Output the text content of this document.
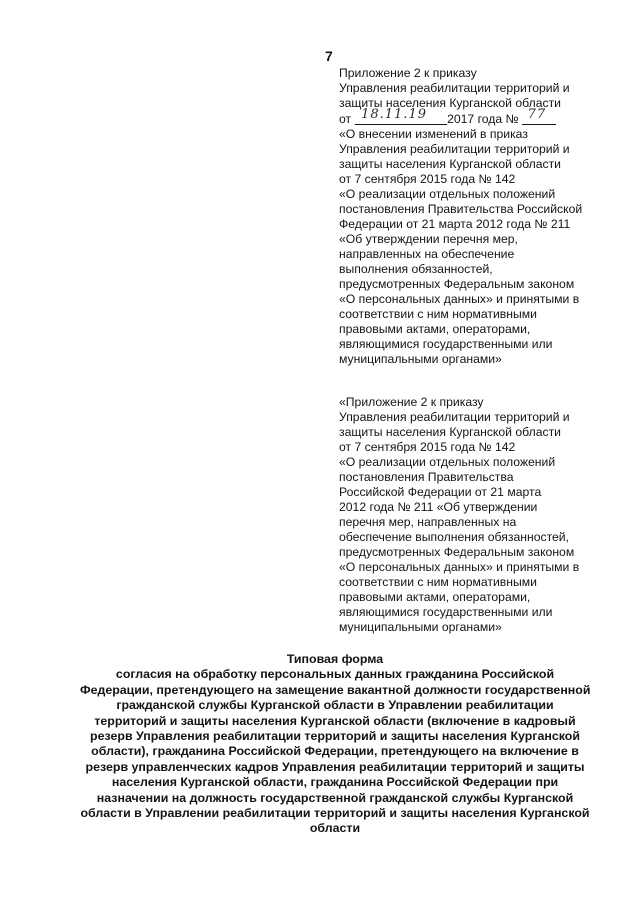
7
Приложение 2 к приказу
Управления реабилитации территорий и
защиты населения Курганской области
от 18.11.19 2017 года № 77
«О внесении изменений в приказ
Управления реабилитации территорий и
защиты населения Курганской области
от 7 сентября 2015 года № 142
«О реализации отдельных положений
постановления Правительства Российской
Федерации от 21 марта 2012 года № 211
«Об утверждении перечня мер,
направленных на обеспечение
выполнения обязанностей,
предусмотренных Федеральным законом
«О персональных данных» и принятыми в
соответствии с ним нормативными
правовыми актами, операторами,
являющимися государственными или
муниципальными органами»
«Приложение 2 к приказу
Управления реабилитации территорий и
защиты населения Курганской области
от 7 сентября 2015 года № 142
«О реализации отдельных положений
постановления Правительства
Российской Федерации от 21 марта
2012 года № 211 «Об утверждении
перечня мер, направленных на
обеспечение выполнения обязанностей,
предусмотренных Федеральным законом
«О персональных данных» и принятыми в
соответствии с ним нормативными
правовыми актами, операторами,
являющимися государственными или
муниципальными органами»
Типовая форма
согласия на обработку персональных данных гражданина Российской
Федерации, претендующего на замещение вакантной должности государственной
гражданской службы Курганской области в Управлении реабилитации
территорий и защиты населения Курганской области (включение в кадровый
резерв Управления реабилитации территорий и защиты населения Курганской
области), гражданина Российской Федерации, претендующего на включение в
резерв управленческих кадров Управления реабилитации территорий и защиты
населения Курганской области, гражданина Российской Федерации при
назначении на должность государственной гражданской службы Курганской
области в Управлении реабилитации территорий и защиты населения Курганской
области
